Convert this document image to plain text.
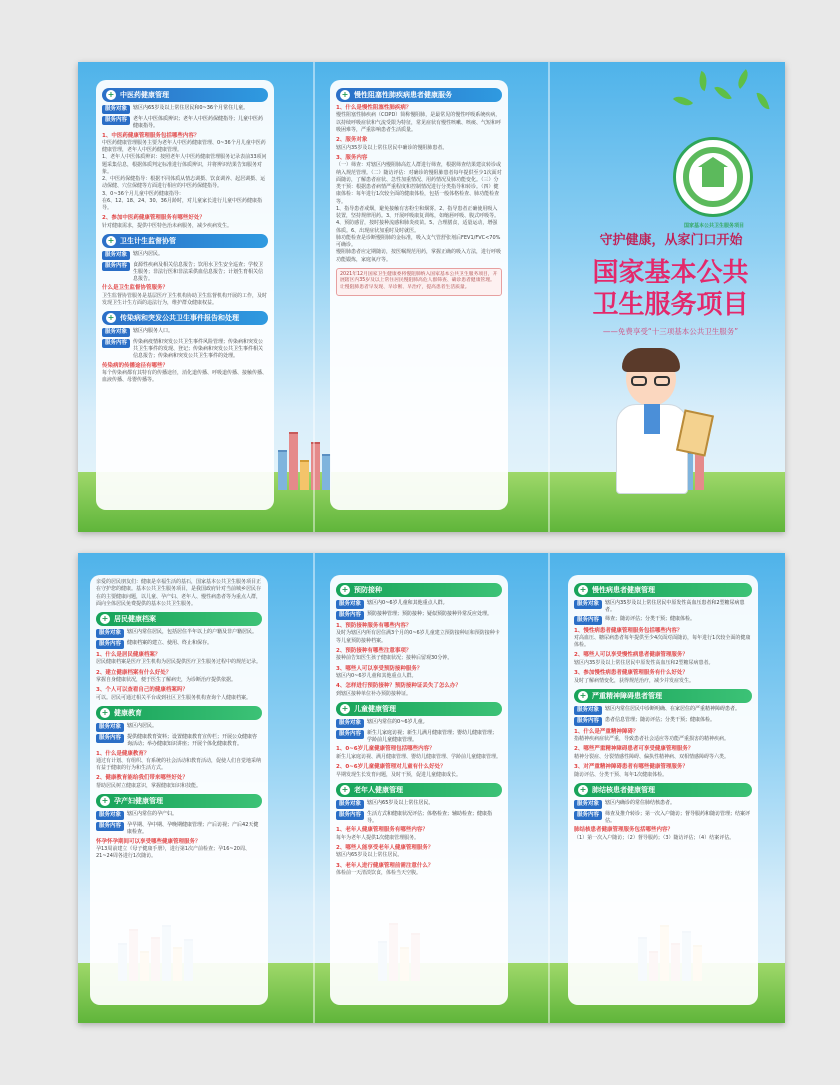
+ 中医药健康管理
服务对象	辖区内65岁及以上常住居民和0~36个月常住儿童。
服务内容	老年人中医体质辨识；老年人中医药保健指导；儿童中医药健康指导。
1、中医药健康管理服务包括哪些内容？
中医药健康管理服务主要为老年人中医药健康管理、0~36个月儿童中医药健康管理，老年人中医药健康管理。
1、老年人中医体质辨识：按照老年人中医药健康管理服务记录表前33项问题采集信息，根据体质判定标准进行体质辨识，并将辨识结果告知服务对象。
2、中医药保健指导：根据不同体质从情志调摄、饮食调养、起居调摄、运动保健、穴位保健等方面进行相应的中医药保健指导。
3、0~36个月儿童中医药健康指导：
在6、12、18、24、30、36月龄时，对儿童家长进行儿童中医药健康指导。
2、参加中医药健康管理服务有哪些好处？
针对健康需求，提供中医特色治未病服务，减少疾病发生。
+ 卫生计生监督协管
服务对象	辖区内居民。
服务内容	食源性疾病及相关信息报告；饮用水卫生安全巡查；学校卫生服务；非法行医和非法采供血信息报告；计划生育相关信息报告。
什么是卫生监督协管服务？
卫生监督协管服务是基层医疗卫生机构协助卫生监督机构开展的工作，及时发现卫生计生方面的违法行为，维护群众健康权益。
+ 传染病和突发公共卫生事件报告和处理
服务对象	辖区内服务人口。
服务内容	传染病疫情和突发公共卫生事件风险管理；传染病和突发公共卫生事件的发现、登记；传染病和突发公共卫生事件相关信息报告；传染病和突发公共卫生事件的处理。
传染病的传播途径有哪些？
每个传染病都有其特有的传播途径，消化道传播、呼吸道传播、接触传播、血液传播、母婴传播等。
+ 慢性阻塞性肺疾病患者健康服务
1、什么是慢性阻塞性肺疾病？
慢性阻塞性肺疾病（COPD）简称慢阻肺，是最常见的慢性呼吸系统疾病，以持续呼吸症状和气流受限为特征，常见症状有慢性咳嗽、咳痰、气短和呼吸困难等，严重影响患者生活质量。
2、服务对象
辖区内35岁及以上常住居民中确诊的慢阻肺患者。
3、服务内容
（一）筛查：对辖区内慢阻肺高危人群进行筛查，根据筛查结果建议转诊或纳入规范管理。（二）随访评估：对确诊的慢阻肺患者每年提供至少1次面对面随访，了解患者症状、急性加重情况、用药情况及肺功能变化。（三）分类干预：根据患者病情严重程度和控制情况进行分类指导和转诊。（四）健康体检：每年进行1次较全面的健康体检，包括一般体格检查、肺功能检查等。
1、指导患者戒烟，避免接触有害粉尘和烟雾。2、指导患者正确使用吸入装置，坚持规律用药。3、开展呼吸康复训练，如缩唇呼吸、腹式呼吸等。4、预防感冒，按时接种流感和肺炎疫苗。5、合理膳食，适量运动，增强体质。6、出现症状加重时及时就医。
肺功能检查是诊断慢阻肺的金标准，吸入支气管舒张剂后FEV1/FVC<70%可确诊。
慢阻肺患者应定期随访，按医嘱规范用药，掌握正确的吸入方法，进行呼吸功能锻炼，家庭氧疗等。
2021年12月国家卫生健康委将慢阻肺纳入国家基本公共卫生服务项目，开展辖区内35岁及以上常住居民慢阻肺高危人群筛查、确诊患者健康管理。让慢阻肺患者早发现、早诊断、早治疗，提高患者生活质量。
国家基本公共卫生服务项目
守护健康，从家门口开始
国家基本公共
卫生服务项目
——免费享受“十三项基本公共卫生服务”
亲爱的居民朋友们：健康是幸福生活的基石，国家基本公共卫生服务项目正在守护您的健康。基本公共卫生服务项目，是我国政府针对当前城乡居民存在的主要健康问题，以儿童、孕产妇、老年人、慢性病患者等为重点人群，面向全体居民免费提供的基本公共卫生服务。
+ 居民健康档案
服务对象	辖区内常住居民，包括居住半年以上的户籍及非户籍居民。
服务内容	健康档案的建立、使用、终止和保存。
1、什么是居民健康档案？
居民健康档案是医疗卫生机构为居民提供医疗卫生服务过程中的规范记录。
2、建立健康档案有什么好处？
掌握自身健康状况，便于医生了解病史，为诊断治疗提供依据。
3、个人可以查看自己的健康档案吗？
可以。居民可通过相关平台或到社区卫生服务机构查询个人健康档案。
+ 健康教育
服务对象	辖区内居民。
服务内容	提供健康教育资料；设置健康教育宣传栏；开展公众健康咨询活动；举办健康知识讲座；开展个体化健康教育。
1、什么是健康教育？
通过有计划、有组织、有系统的社会活动和教育活动，促使人们自觉地采纳有益于健康的行为和生活方式。
2、健康教育能给我们带来哪些好处？
帮助居民树立健康意识，掌握健康知识和技能。
+ 孕产妇健康管理
服务对象	辖区内常住的孕产妇。
服务内容	孕早期、孕中期、孕晚期健康管理；产后访视；产后42天健康检查。
怀孕怀孕期间可以享受哪些健康管理服务？
孕13周前建立《母子健康手册》，进行第1次产前检查；孕16~20周、21~24周各进行1次随访。
+ 预防接种
服务对象	辖区内0~6岁儿童和其他重点人群。
服务内容	预防接种管理；预防接种；疑似预防接种异常反应处理。
1、预防接种服务有哪些内容？
及时为辖区内所有居住满3个月的0~6岁儿童建立预防接种证和预防接种卡等儿童预防接种档案。
2、预防接种有哪些注意事项？
接种前告知医生孩子健康状况；接种后留观30分钟。
3、哪些人可以享受预防接种服务？
辖区内0~6岁儿童和其他重点人群。
4、怎样进行预防接种？预防接种证丢失了怎么办？
到辖区接种单位补办预防接种证。
+ 儿童健康管理
服务对象	辖区内常住的0~6岁儿童。
服务内容	新生儿家庭访视；新生儿满月健康管理；婴幼儿健康管理；学龄前儿童健康管理。
1、0~6岁儿童健康管理包括哪些内容？
新生儿家庭访视、满月健康管理、婴幼儿健康管理、学龄前儿童健康管理。
2、0~6岁儿童健康管理对儿童有什么好处？
早期发现生长发育问题，及时干预，促进儿童健康成长。
+ 老年人健康管理
服务对象	辖区内65岁及以上常住居民。
服务内容	生活方式和健康状况评估；体格检查；辅助检查；健康指导。
1、老年人健康管理服务有哪些内容？
每年为老年人提供1次健康管理服务。
2、哪些人能享受老年人健康管理服务？
辖区内65岁及以上常住居民。
3、老年人进行健康管理前需注意什么？
体检前一天清淡饮食，体检当天空腹。
+ 慢性病患者健康管理
服务对象	辖区内35岁及以上常住居民中原发性高血压患者和2型糖尿病患者。
服务内容	筛查；随访评估；分类干预；健康体检。
1、慢性病患者健康管理服务包括哪些内容？
对高血压、糖尿病患者每年提供至少4次面对面随访，每年进行1次较全面的健康体检。
2、哪些人可以享受慢性病患者健康管理服务？
辖区内35岁及以上常住居民中原发性高血压和2型糖尿病患者。
3、参加慢性病患者健康管理服务有什么好处？
及时了解病情变化，获得规范治疗，减少并发症发生。
+ 严重精神障碍患者管理
服务对象	辖区内常住居民中诊断明确、在家居住的严重精神障碍患者。
服务内容	患者信息管理；随访评估；分类干预；健康体检。
1、什么是严重精神障碍？
指精神疾病症状严重，导致患者社会适应等功能严重损害的精神疾病。
2、哪些严重精神障碍患者可享受健康管理服务？
精神分裂症、分裂情感性障碍、偏执性精神病、双相情感障碍等六类。
3、对严重精神障碍患者有哪些健康管理服务？
随访评估、分类干预、每年1次健康体检。
+ 肺结核患者健康管理
服务对象	辖区内确诊的常住肺结核患者。
服务内容	筛查及推介转诊；第一次入户随访；督导服药和随访管理；结案评估。
肺结核患者健康管理服务包括哪些内容？
（1）第一次入户随访；（2）督导服药；（3）随访评估；（4）结案评估。
